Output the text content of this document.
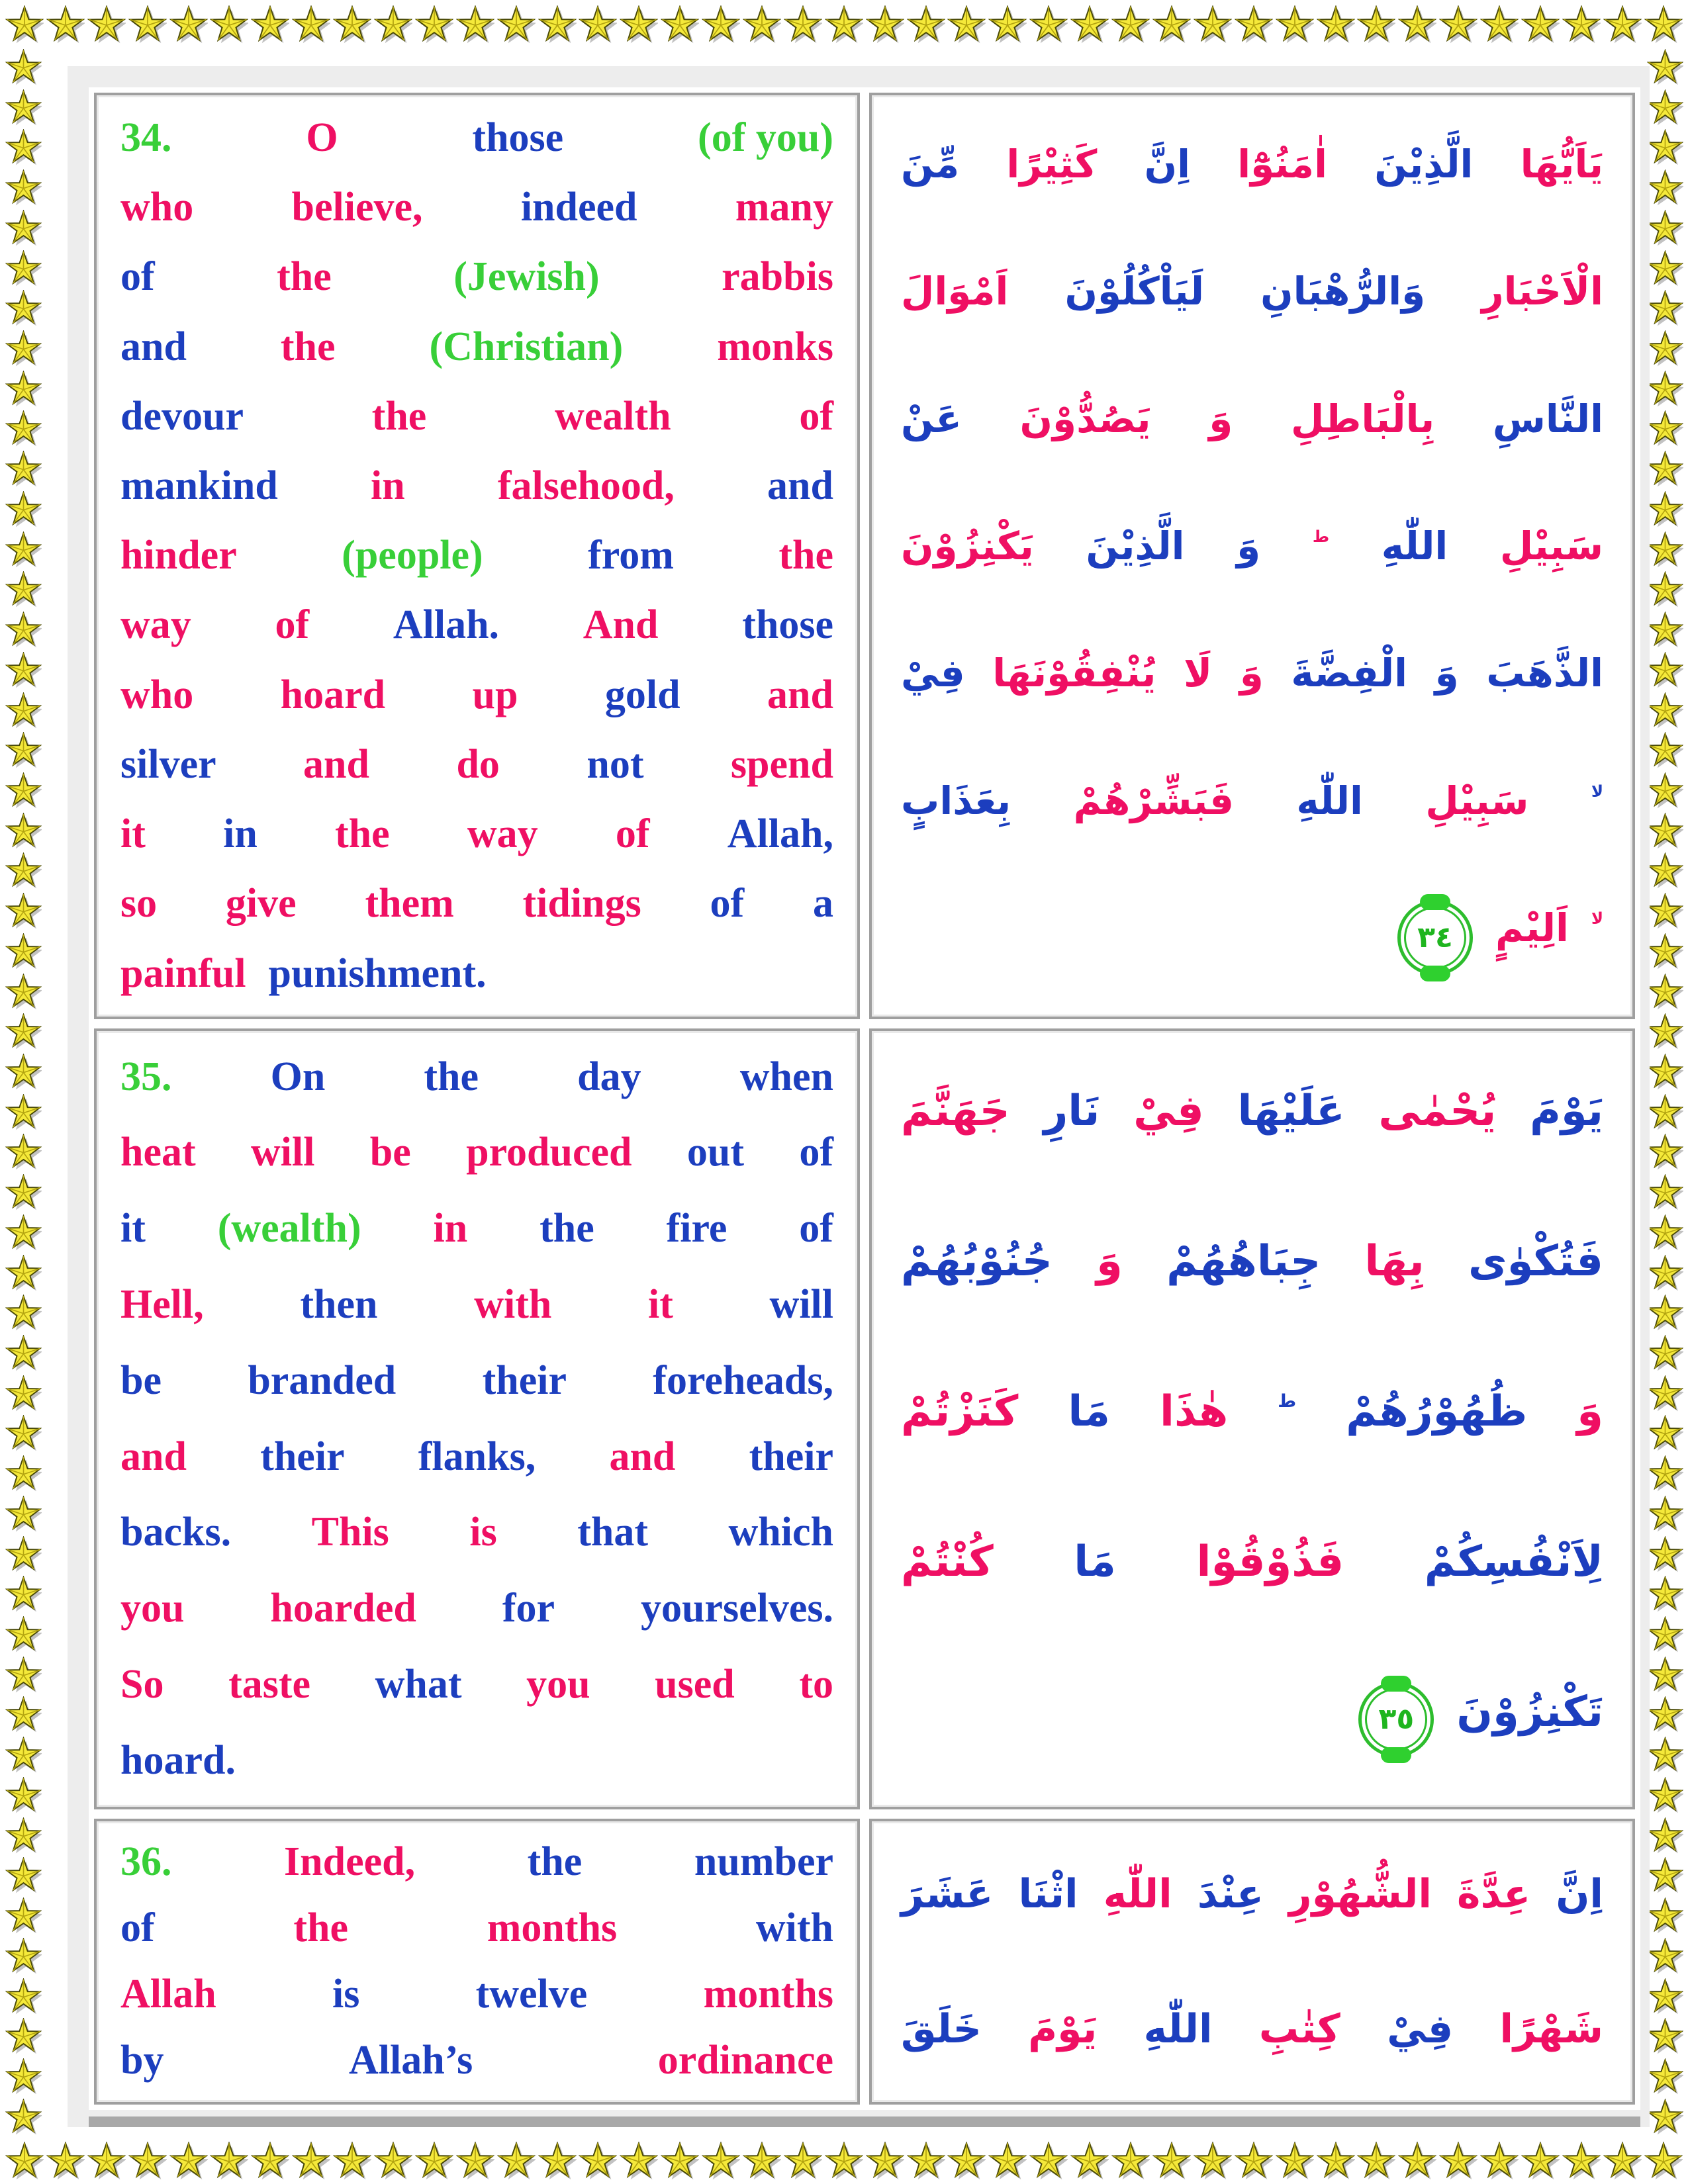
34.	O	those	(of you)
who believe, indeed many
of	the	(Jewish)	rabbis
and the (Christian) monks
devour	the	wealth	of
mankind in falsehood, and
hinder	(people)	from	the
way of Allah. And those
who hoard up gold and
silver and do not spend
it in the way of Allah,
so give them tidings of a
painful punishment.
يَاَيُّهَا
الَّذِيْنَ
اٰمَنُوْٓا
اِنَّ
كَثِيْرًا
مِّنَ
الْاَحْبَارِ
وَالرُّهْبَانِ
لَيَاْكُلُوْنَ
اَمْوَالَ
النَّاسِ
بِالْبَاطِلِ
وَ
يَصُدُّوْنَ
عَنْ
سَبِيْلِ
اللّٰهِ
ط
وَ
الَّذِيْنَ
يَكْنِزُوْنَ
الذَّهَبَ
وَ
الْفِضَّةَ
وَ
لَا
يُنْفِقُوْنَهَا
فِيْ
لا
سَبِيْلِ
اللّٰهِ
فَبَشِّرْهُمْ
بِعَذَابٍ
لا
اَلِيْمٍ
٣٤
35. On the day when
heat will be produced out of
it (wealth) in the fire of
Hell, then with it will
be branded their foreheads,
and their flanks, and their
backs. This is that which
you hoarded for yourselves.
So taste what you used to
hoard.
يَوْمَ
يُحْمٰى
عَلَيْهَا
فِيْ
نَارِ
جَهَنَّمَ
فَتُكْوٰى
بِهَا
جِبَاهُهُمْ
وَ
جُنُوْبُهُمْ
وَ
ظُهُوْرُهُمْ
ط
هٰذَا
مَا
كَنَزْتُمْ
لِاَنْفُسِكُمْ
فَذُوْقُوْا
مَا
كُنْتُمْ
تَكْنِزُوْنَ
٣٥
36.	Indeed,	the	number
of	the	months	with
Allah	is	twelve	months
by	Allah’s	ordinance
اِنَّ
عِدَّةَ
الشُّهُوْرِ
عِنْدَ
اللّٰهِ
اثْنَا
عَشَرَ
شَهْرًا
فِيْ
كِتٰبِ
اللّٰهِ
يَوْمَ
خَلَقَ
